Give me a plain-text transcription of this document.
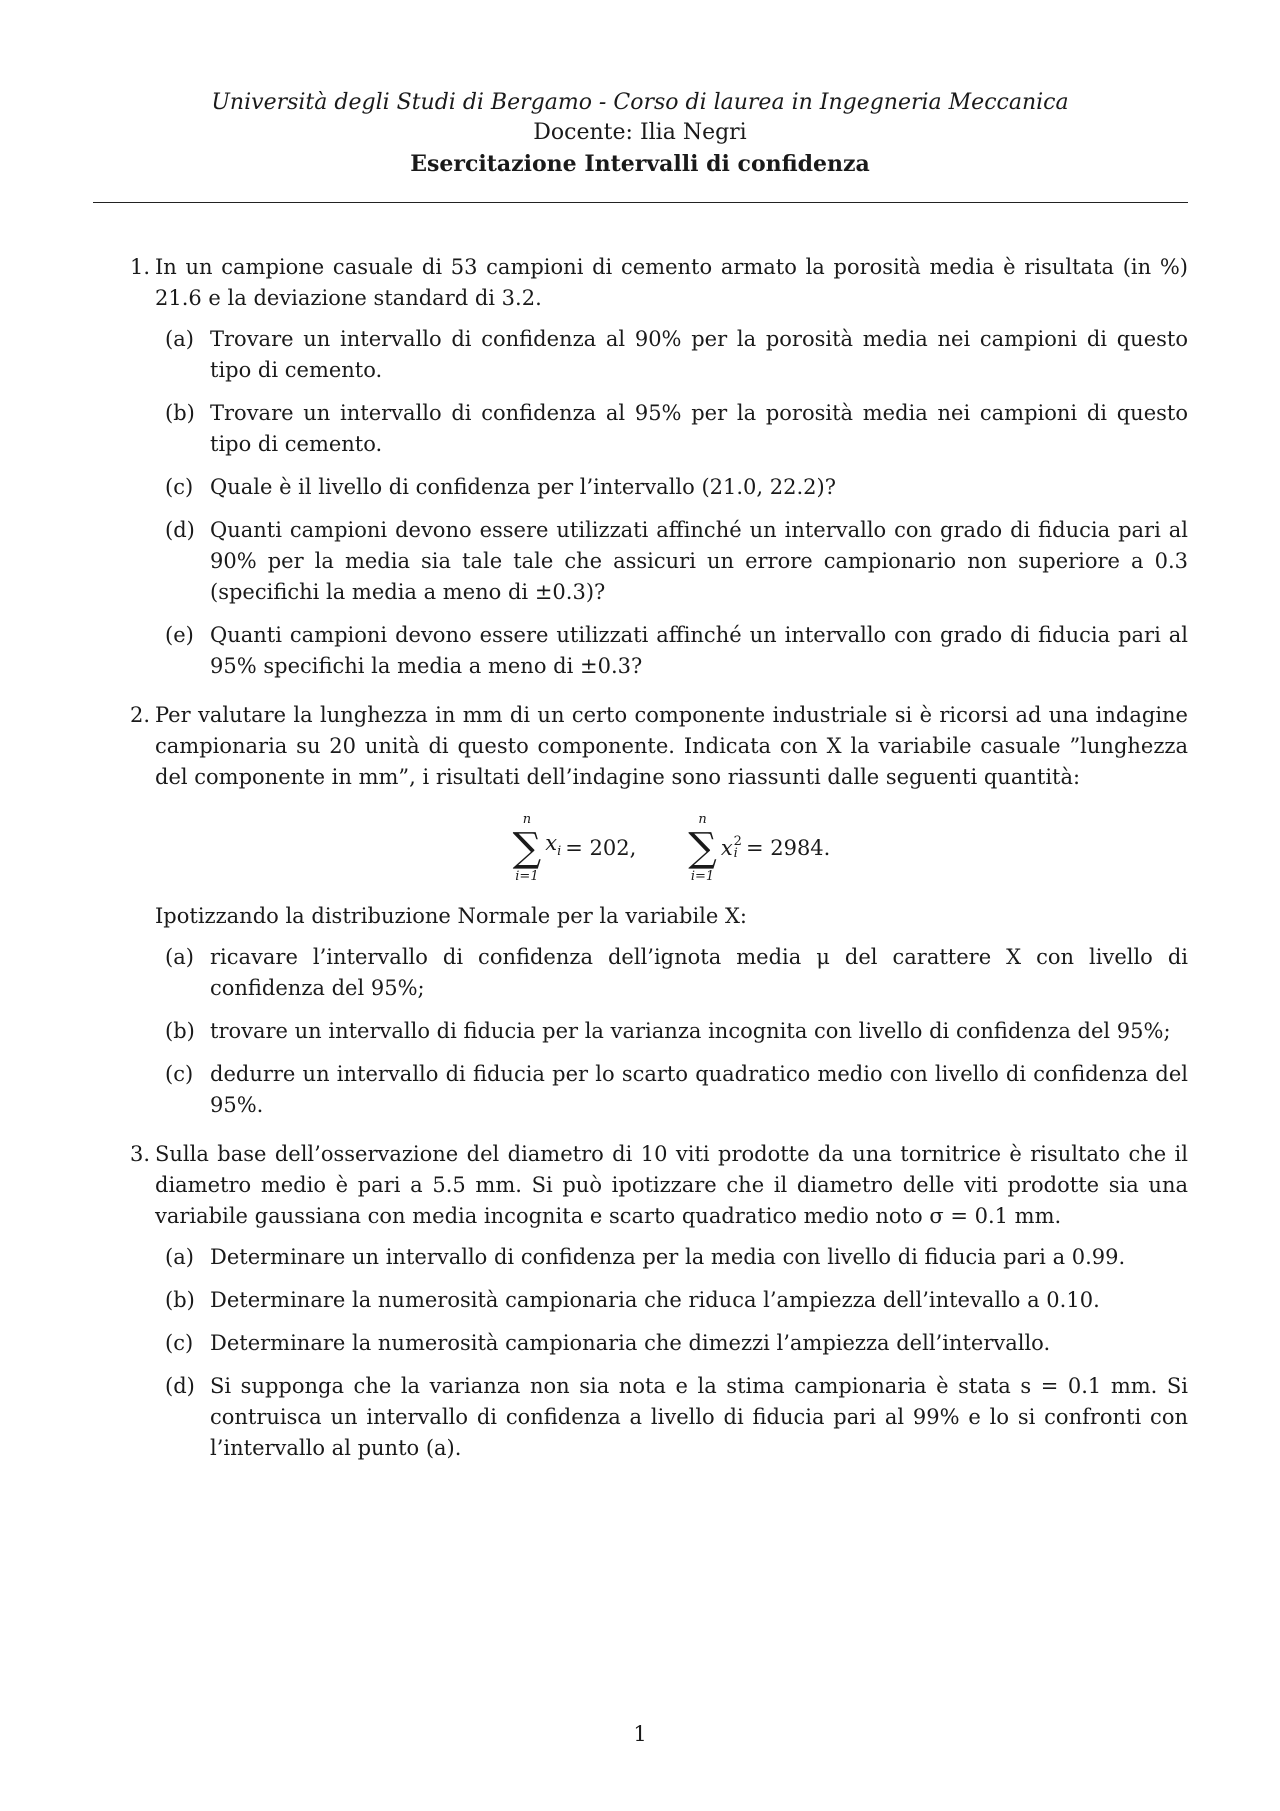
Università degli Studi di Bergamo - Corso di laurea in Ingegneria Meccanica
Docente: Ilia Negri
Esercitazione Intervalli di confidenza
1. In un campione casuale di 53 campioni di cemento armato la porosità media è risultata (in %) 21.6 e la deviazione standard di 3.2.

(a) Trovare un intervallo di confidenza al 90% per la porosità media nei campioni di questo tipo di cemento.
(b) Trovare un intervallo di confidenza al 95% per la porosità media nei campioni di questo tipo di cemento.
(c) Quale è il livello di confidenza per l’intervallo (21.0, 22.2)?
(d) Quanti campioni devono essere utilizzati affinché un intervallo con grado di fiducia pari al 90% per la media sia tale tale che assicuri un errore campionario non superiore a 0.3 (specifichi la media a meno di ±0.3)?
(e) Quanti campioni devono essere utilizzati affinché un intervallo con grado di fiducia pari al 95% specifichi la media a meno di ±0.3?
2. Per valutare la lunghezza in mm di un certo componente industriale si è ricorsi ad una indagine campionaria su 20 unità di questo componente. Indicata con X la variabile casuale ”lunghezza del componente in mm”, i risultati dell’indagine sono riassunti dalle seguenti quantità:

n
∑
i=1
$x_i = 202$,
n
∑
i=1
x 2
i = 2984.

Ipotizzando la distribuzione Normale per la variabile X:

(a) ricavare l’intervallo di confidenza dell’ignota media μ del carattere X con livello di confidenza del 95%;
(b) trovare un intervallo di fiducia per la varianza incognita con livello di confidenza del 95%;
(c) dedurre un intervallo di fiducia per lo scarto quadratico medio con livello di confidenza del 95%.
3. Sulla base dell’osservazione del diametro di 10 viti prodotte da una tornitrice è risultato che il diametro medio è pari a 5.5 mm. Si può ipotizzare che il diametro delle viti prodotte sia una variabile gaussiana con media incognita e scarto quadratico medio noto σ = 0.1 mm.

(a) Determinare un intervallo di confidenza per la media con livello di fiducia pari a 0.99.
(b) Determinare la numerosità campionaria che riduca l’ampiezza dell’intevallo a 0.10.
(c) Determinare la numerosità campionaria che dimezzi l’ampiezza dell’intervallo.
(d) Si supponga che la varianza non sia nota e la stima campionaria è stata s = 0.1 mm. Si contruisca un intervallo di confidenza a livello di fiducia pari al 99% e lo si confronti con l’intervallo al punto (a).
1
